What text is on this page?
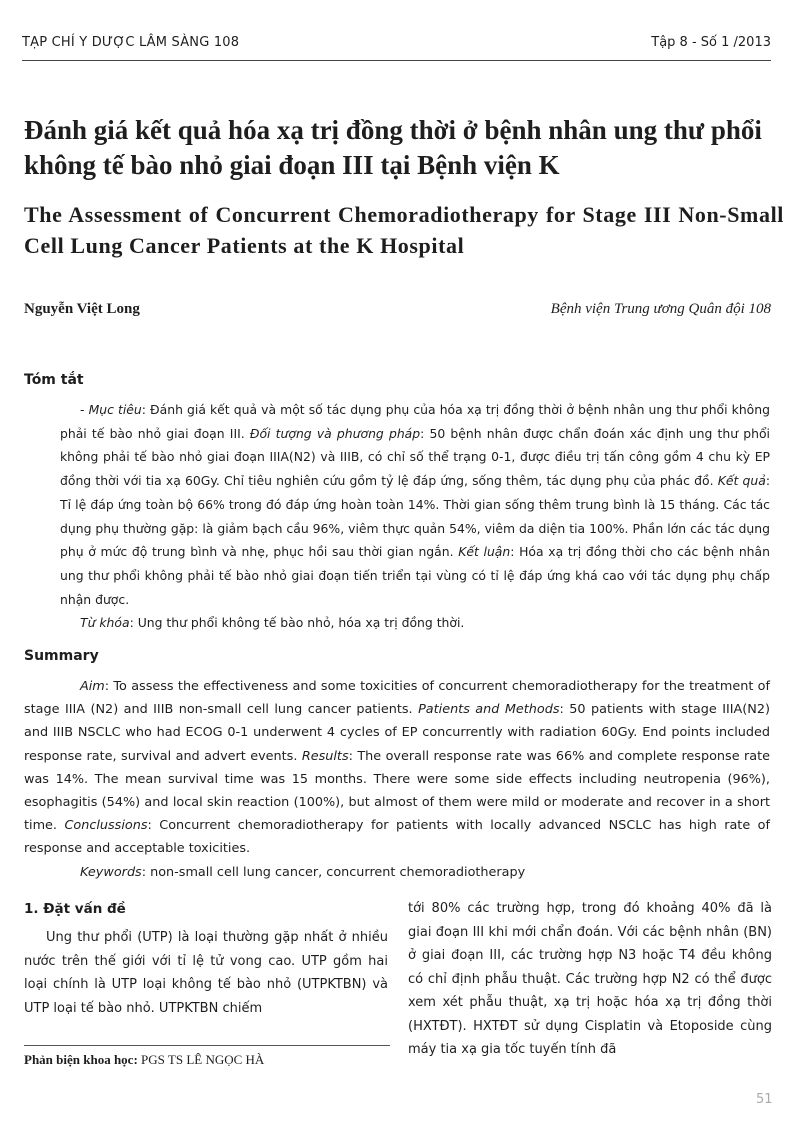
TẠP CHÍ Y DƯỢC LÂM SÀNG 108	Tập 8 - Số 1 /2013
Đánh giá kết quả hóa xạ trị đồng thời ở bệnh nhân ung thư phổi không tế bào nhỏ giai đoạn III tại Bệnh viện K
The Assessment of Concurrent Chemoradiotherapy for Stage III Non-Small Cell Lung Cancer Patients at the K Hospital
Nguyễn Việt Long	Bệnh viện Trung ương Quân đội 108
Tóm tắt

- Mục tiêu: Đánh giá kết quả và một số tác dụng phụ của hóa xạ trị đồng thời ở bệnh nhân ung thư phổi không phải tế bào nhỏ giai đoạn III. Đối tượng và phương pháp: 50 bệnh nhân được chẩn đoán xác định ung thư phổi không phải tế bào nhỏ giai đoạn IIIA(N2) và IIIB, có chỉ số thể trạng 0-1, được điều trị tấn công gồm 4 chu kỳ EP đồng thời với tia xạ 60Gy. Chỉ tiêu nghiên cứu gồm tỷ lệ đáp ứng, sống thêm, tác dụng phụ của phác đồ. Kết quả: Tỉ lệ đáp ứng toàn bộ 66% trong đó đáp ứng hoàn toàn 14%. Thời gian sống thêm trung bình là 15 tháng. Các tác dụng phụ thường gặp: là giảm bạch cầu 96%, viêm thực quản 54%, viêm da diện tia 100%. Phần lớn các tác dụng phụ ở mức độ trung bình và nhẹ, phục hồi sau thời gian ngắn. Kết luận: Hóa xạ trị đồng thời cho các bệnh nhân ung thư phổi không phải tế bào nhỏ giai đoạn tiến triển tại vùng có tỉ lệ đáp ứng khá cao với tác dụng phụ chấp nhận được.

Từ khóa: Ung thư phổi không tế bào nhỏ, hóa xạ trị đồng thời.

Summary

Aim: To assess the effectiveness and some toxicities of concurrent chemoradiotherapy for the treatment of stage IIIA (N2) and IIIB non-small cell lung cancer patients. Patients and Methods: 50 patients with stage IIIA(N2) and IIIB NSCLC who had ECOG 0-1 underwent 4 cycles of EP concurrently with radiation 60Gy. End points included response rate, survival and advert events. Results: The overall response rate was 66% and complete response rate was 14%. The mean survival time was 15 months. There were some side effects including neutropenia (96%), esophagitis (54%) and local skin reaction (100%), but almost of them were mild or moderate and recover in a short time. Conclussions: Concurrent chemoradiotherapy for patients with locally advanced NSCLC has high rate of response and acceptable toxicities.

Keywords: non-small cell lung cancer, concurrent chemoradiotherapy

1. Đặt vấn đề

Ung thư phổi (UTP) là loại thường gặp nhất ở nhiều nước trên thế giới với tỉ lệ tử vong cao. UTP gồm hai loại chính là UTP loại không tế bào nhỏ (UTPKTBN) và UTP loại tế bào nhỏ. UTPKTBN chiếm

tới 80% các trường hợp, trong đó khoảng 40% đã là giai đoạn III khi mới chẩn đoán. Với các bệnh nhân (BN) ở giai đoạn III, các trường hợp N3 hoặc T4 đều không có chỉ định phẫu thuật. Các trường hợp N2 có thể được xem xét phẫu thuật, xạ trị hoặc hóa xạ trị đồng thời (HXTĐT). HXTĐT sử dụng Cisplatin và Etoposide cùng máy tia xạ gia tốc tuyến tính đã

Phản biện khoa học: PGS TS LÊ NGỌC HÀ
51
